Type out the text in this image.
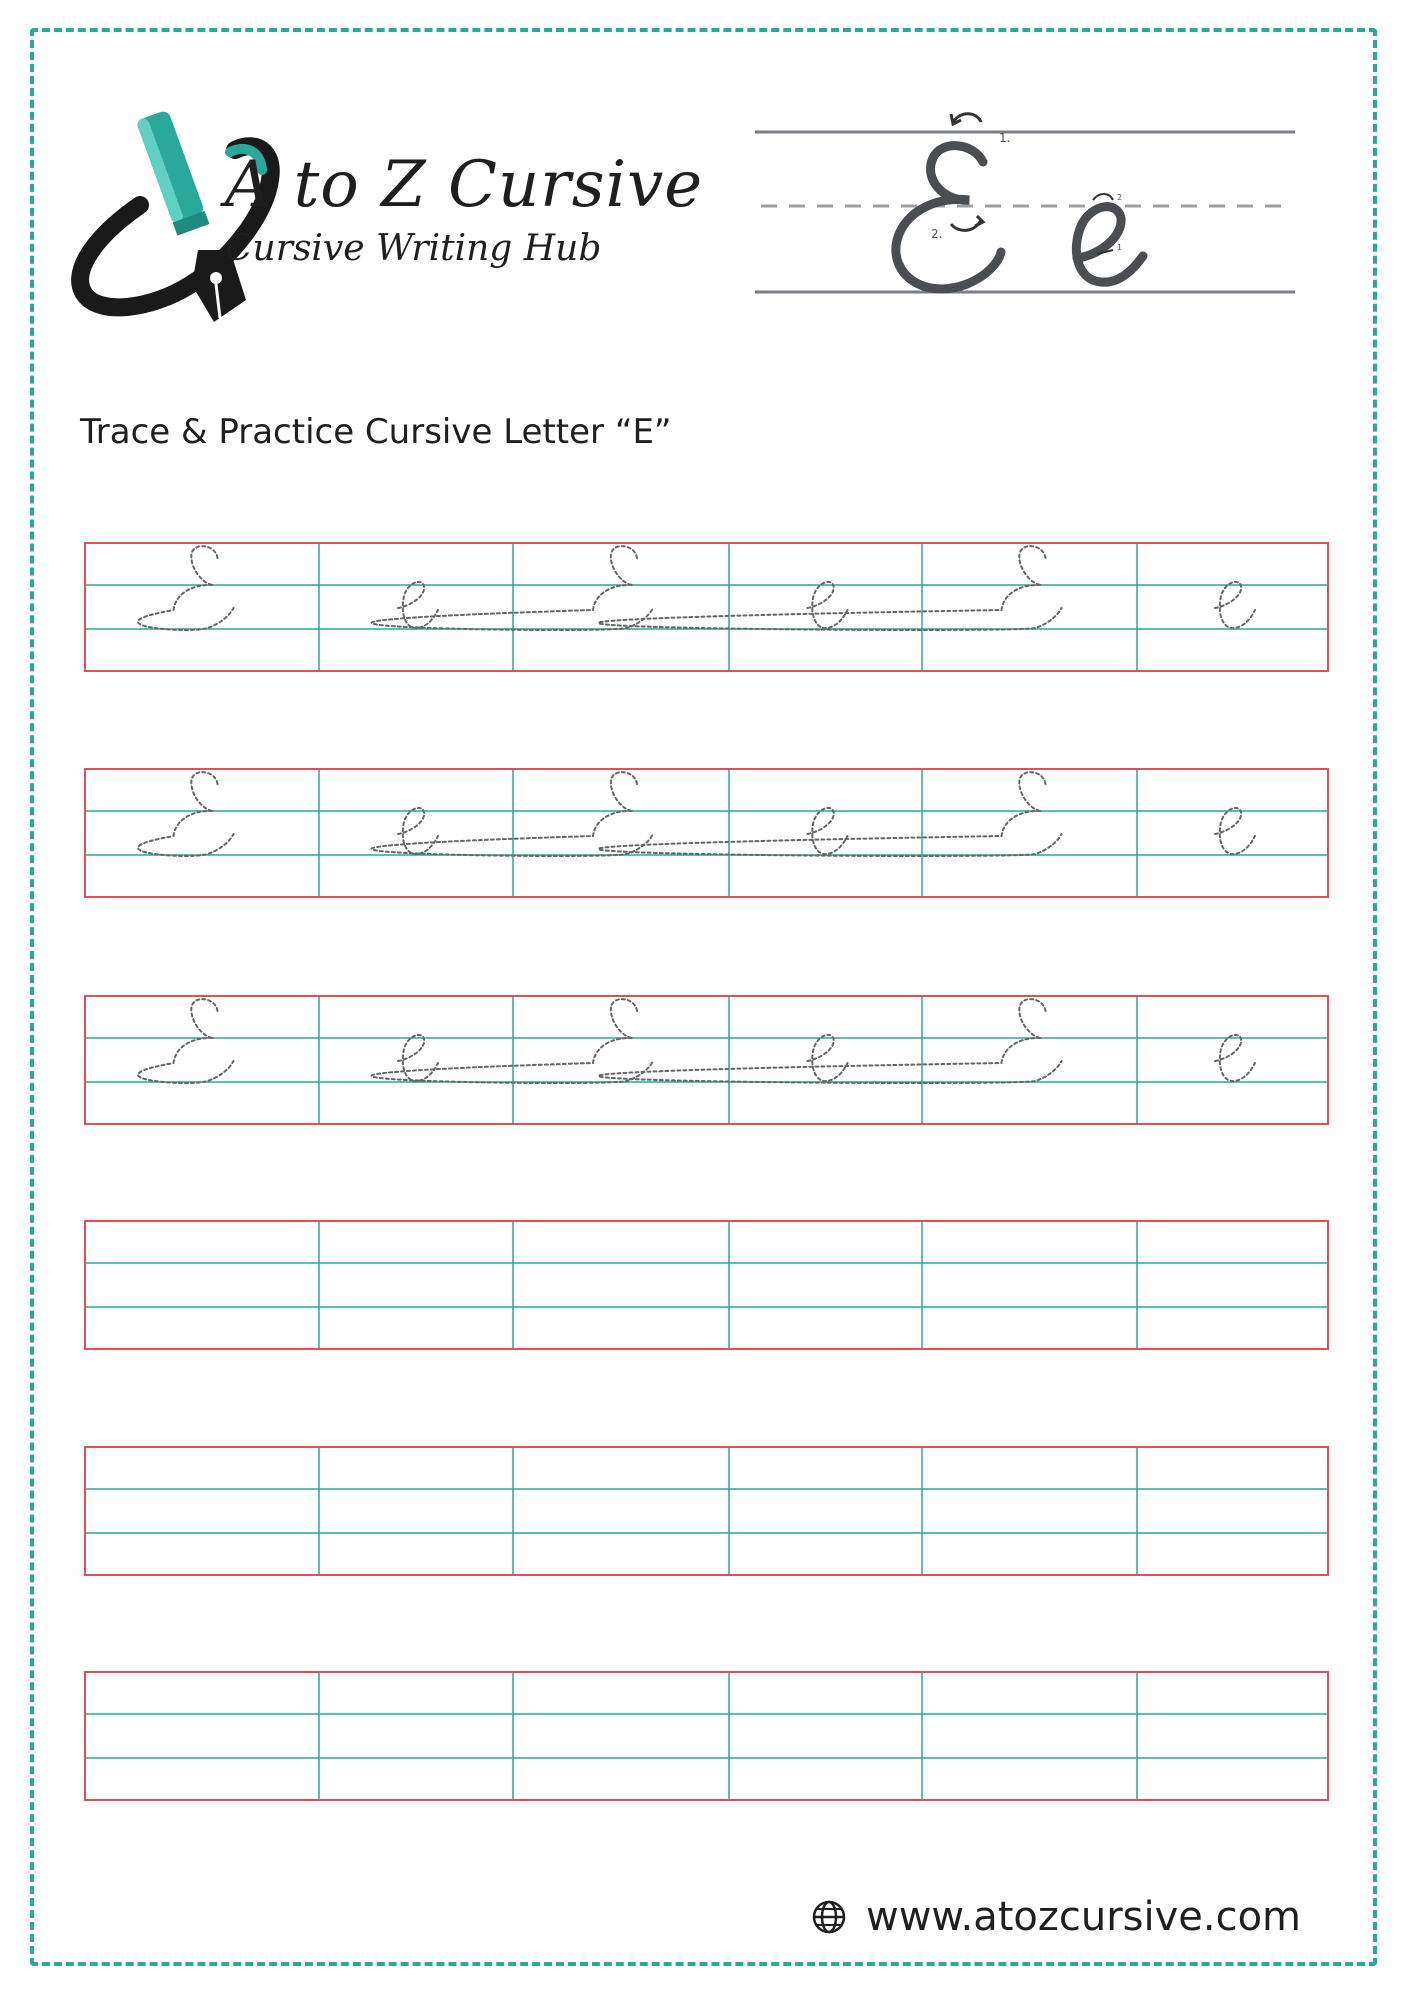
A to Z Cursive
Cursive Writing Hub
1.
2.
2
1
Trace & Practice Cursive Letter “E”
www.atozcursive.com
